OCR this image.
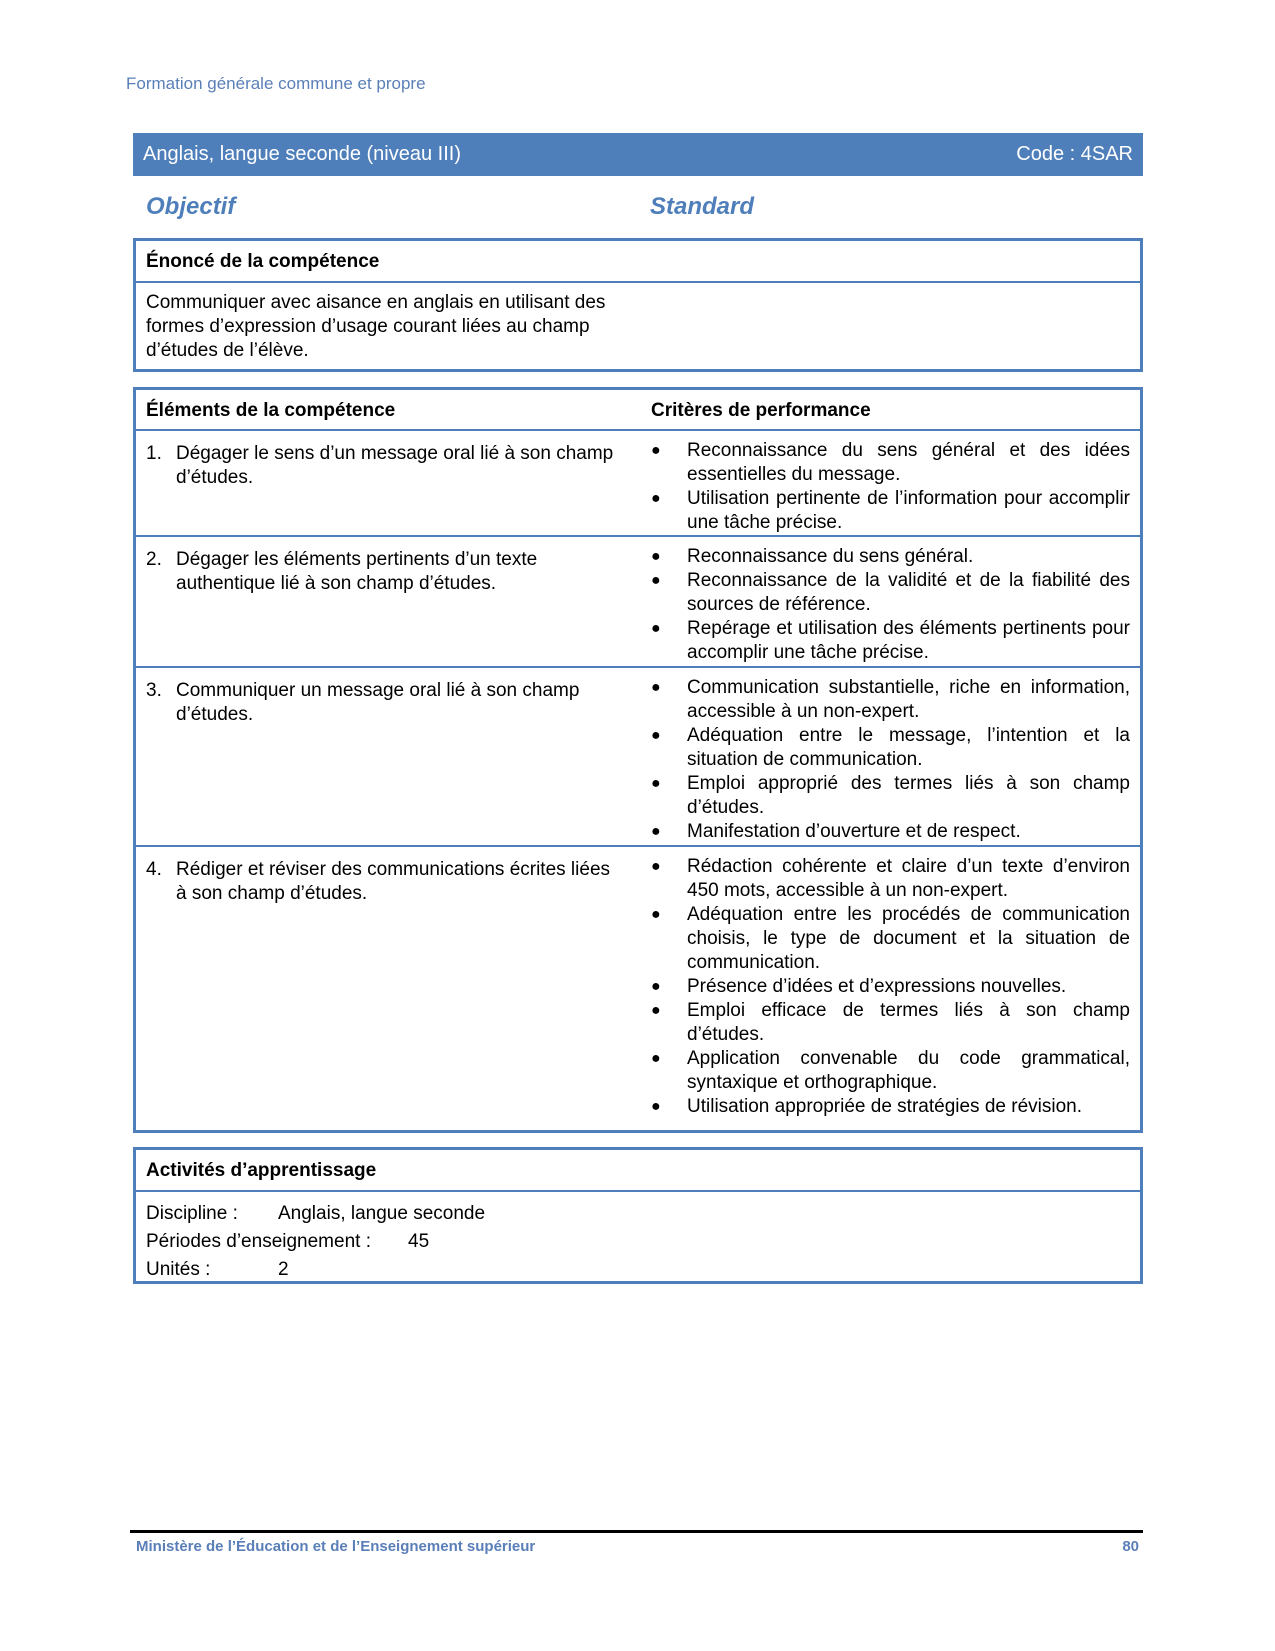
Formation générale commune et propre
Anglais, langue seconde (niveau III)	Code : 4SAR
Objectif	Standard
Énoncé de la compétence
Communiquer avec aisance en anglais en utilisant des formes d’expression d’usage courant liées au champ d’études de l’élève.
Éléments de la compétence	Critères de performance
1. Dégager le sens d’un message oral lié à son champ d’études.
●	Reconnaissance du sens général et des idées essentielles du message.
●	Utilisation pertinente de l’information pour accomplir une tâche précise.
2. Dégager les éléments pertinents d’un texte authentique lié à son champ d’études.
●	Reconnaissance du sens général.
●	Reconnaissance de la validité et de la fiabilité des sources de référence.
●	Repérage et utilisation des éléments pertinents pour accomplir une tâche précise.
3. Communiquer un message oral lié à son champ d’études.
●	Communication substantielle, riche en information, accessible à un non-expert.
●	Adéquation entre le message, l’intention et la situation de communication.
●	Emploi approprié des termes liés à son champ d’études.
●	Manifestation d’ouverture et de respect.
4. Rédiger et réviser des communications écrites liées à son champ d’études.
●	Rédaction cohérente et claire d’un texte d’environ 450 mots, accessible à un non-expert.
●	Adéquation entre les procédés de communication choisis, le type de document et la situation de communication.
●	Présence d’idées et d’expressions nouvelles.
●	Emploi efficace de termes liés à son champ d’études.
●	Application convenable du code grammatical, syntaxique et orthographique.
●	Utilisation appropriée de stratégies de révision.
Activités d’apprentissage
Discipline :	Anglais, langue seconde
Périodes d’enseignement :	45
Unités :	2
Ministère de l’Éducation et de l’Enseignement supérieur	80
